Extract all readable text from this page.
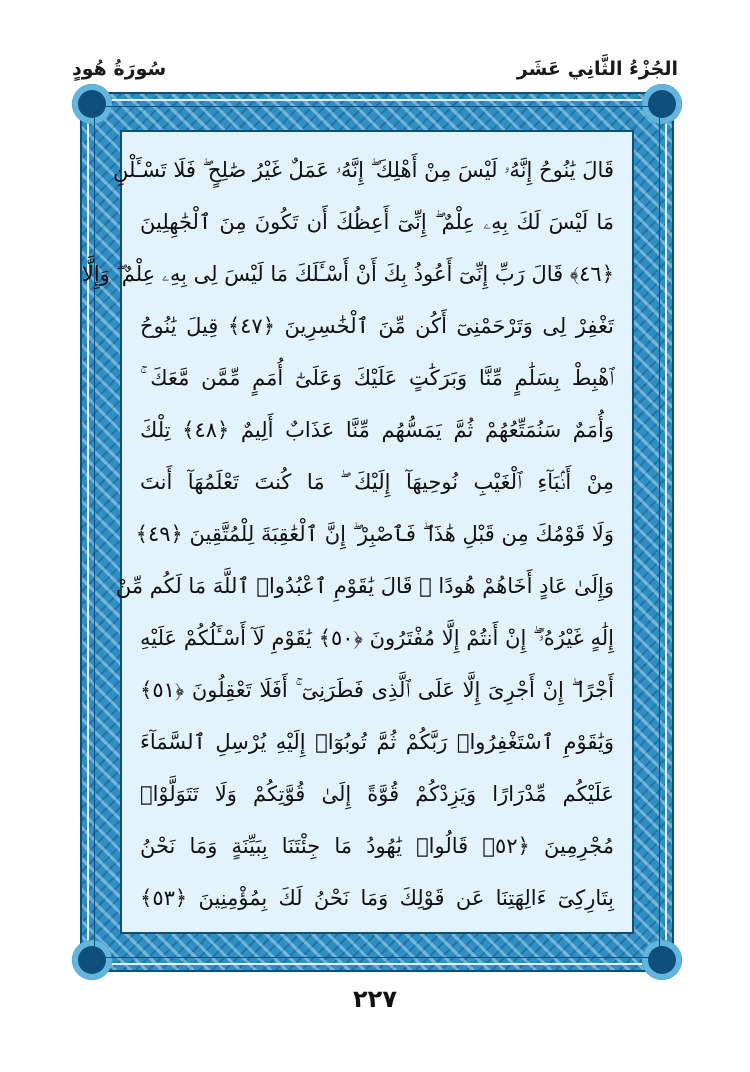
سُورَةُ هُودٍ	الجُزْءُ الثَّانِي عَشَر
قَالَ يَٰنُوحُ إِنَّهُۥ لَيْسَ مِنْ أَهْلِكَ ۖ إِنَّهُۥ عَمَلٌ غَيْرُ صَٰلِحٍ ۖ فَلَا تَسْـَٔلْنِ
مَا لَيْسَ لَكَ بِهِۦ عِلْمٌ ۖ إِنِّىٓ أَعِظُكَ أَن تَكُونَ مِنَ ٱلْجَٰهِلِينَ
﴿٤٦﴾ قَالَ رَبِّ إِنِّىٓ أَعُوذُ بِكَ أَنْ أَسْـَٔلَكَ مَا لَيْسَ لِى بِهِۦ عِلْمٌ ۖ وَإِلَّا
تَغْفِرْ لِى وَتَرْحَمْنِىٓ أَكُن مِّنَ ٱلْخَٰسِرِينَ ﴿٤٧﴾ قِيلَ يَٰنُوحُ
ٱهْبِطْ بِسَلَٰمٍ مِّنَّا وَبَرَكَٰتٍ عَلَيْكَ وَعَلَىٰٓ أُمَمٍ مِّمَّن مَّعَكَ ۚ
وَأُمَمٌ سَنُمَتِّعُهُمْ ثُمَّ يَمَسُّهُم مِّنَّا عَذَابٌ أَلِيمٌ ﴿٤٨﴾ تِلْكَ
مِنْ أَنۢبَآءِ ٱلْغَيْبِ نُوحِيهَآ إِلَيْكَ ۖ مَا كُنتَ تَعْلَمُهَآ أَنتَ
وَلَا قَوْمُكَ مِن قَبْلِ هَٰذَا ۖ فَٱصْبِرْ ۖ إِنَّ ٱلْعَٰقِبَةَ لِلْمُتَّقِينَ ﴿٤٩﴾
وَإِلَىٰ عَادٍ أَخَاهُمْ هُودًا ۚ قَالَ يَٰقَوْمِ ٱعْبُدُوا۟ ٱللَّهَ مَا لَكُم مِّنْ
إِلَٰهٍ غَيْرُهُۥٓ ۖ إِنْ أَنتُمْ إِلَّا مُفْتَرُونَ ﴿٥٠﴾ يَٰقَوْمِ لَآ أَسْـَٔلُكُمْ عَلَيْهِ
أَجْرًا ۖ إِنْ أَجْرِىَ إِلَّا عَلَى ٱلَّذِى فَطَرَنِىٓ ۚ أَفَلَا تَعْقِلُونَ ﴿٥١﴾
وَيَٰقَوْمِ ٱسْتَغْفِرُوا۟ رَبَّكُمْ ثُمَّ تُوبُوٓا۟ إِلَيْهِ يُرْسِلِ ٱلسَّمَآءَ
عَلَيْكُم مِّدْرَارًا وَيَزِدْكُمْ قُوَّةً إِلَىٰ قُوَّتِكُمْ وَلَا تَتَوَلَّوْا۟
مُجْرِمِينَ ﴿٥٢﴾ قَالُوا۟ يَٰهُودُ مَا جِئْتَنَا بِبَيِّنَةٍ وَمَا نَحْنُ
بِتَارِكِىٓ ءَالِهَتِنَا عَن قَوْلِكَ وَمَا نَحْنُ لَكَ بِمُؤْمِنِينَ ﴿٥٣﴾
٢٢٧
